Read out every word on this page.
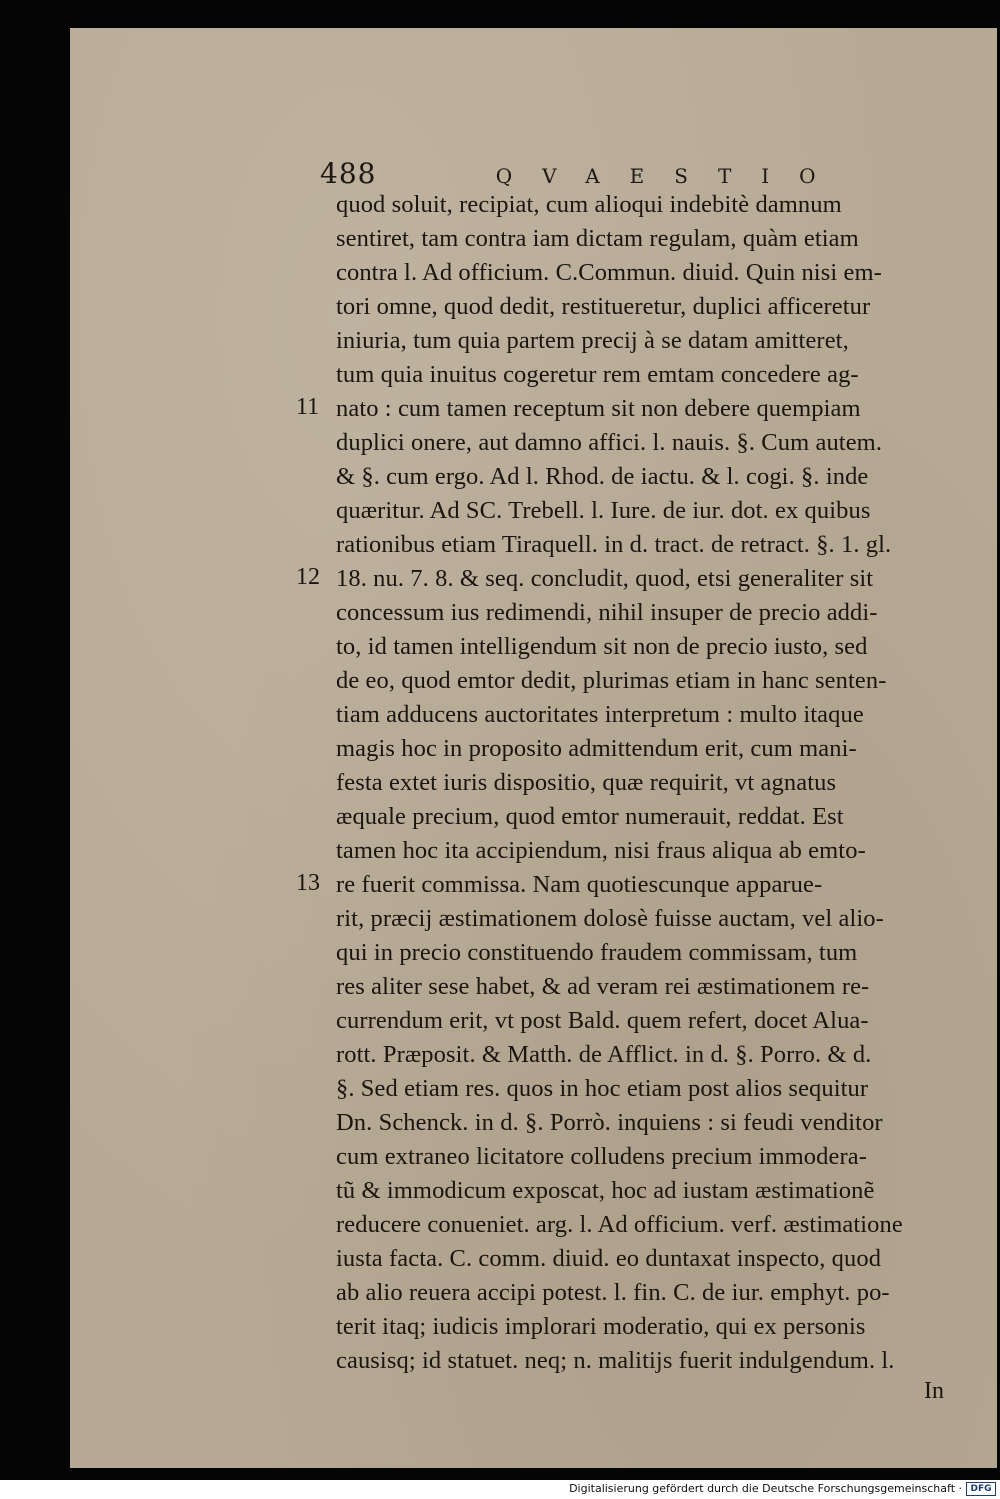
488	QVAESTIO
quod soluit, recipiat, cum alioqui indebitè damnum
sentiret, tam contra iam dictam regulam, quàm etiam
contra l. Ad officium. C.Commun. diuid. Quin nisi em-
tori omne, quod dedit, restitueretur, duplici afficeretur
iniuria, tum quia partem precij à se datam amitteret,
tum quia inuitus cogeretur rem emtam concedere ag-
nato : cum tamen receptum sit non debere quempiam
duplici onere, aut damno affici. l. nauis. §. Cum autem.
& §. cum ergo. Ad l. Rhod. de iactu. & l. cogi. §. inde
quæritur. Ad SC. Trebell. l. Iure. de iur. dot. ex quibus
rationibus etiam Tiraquell. in d. tract. de retract. §. 1. gl.
18. nu. 7. 8. & seq. concludit, quod, etsi generaliter sit
concessum ius redimendi, nihil insuper de precio addi-
to, id tamen intelligendum sit non de precio iusto, sed
de eo, quod emtor dedit, plurimas etiam in hanc senten-
tiam adducens auctoritates interpretum : multo itaque
magis hoc in proposito admittendum erit, cum mani-
festa extet iuris dispositio, quæ requirit, vt agnatus
æquale precium, quod emtor numerauit, reddat. Est
tamen hoc ita accipiendum, nisi fraus aliqua ab emto-
re fuerit commissa. Nam quotiescunque apparue-
rit, præcij æstimationem dolosè fuisse auctam, vel alio-
qui in precio constituendo fraudem commissam, tum
res aliter sese habet, & ad veram rei æstimationem re-
currendum erit, vt post Bald. quem refert, docet Alua-
rott. Præposit. & Matth. de Afflict. in d. §. Porro. & d.
§. Sed etiam res. quos in hoc etiam post alios sequitur
Dn. Schenck. in d. §. Porrò. inquiens : si feudi venditor
cum extraneo licitatore colludens precium immodera-
tũ & immodicum exposcat, hoc ad iustam æstimationẽ
reducere conueniet. arg. l. Ad officium. verf. æstimatione
iusta facta. C. comm. diuid. eo duntaxat inspecto, quod
ab alio reuera accipi potest. l. fin. C. de iur. emphyt. po-
terit itaq; iudicis implorari moderatio, qui ex personis
causisq; id statuet. neq; n. malitijs fuerit indulgendum. l.
11
12
13
In
Digitalisierung gefördert durch die Deutsche Forschungsgemeinschaft · DFG
